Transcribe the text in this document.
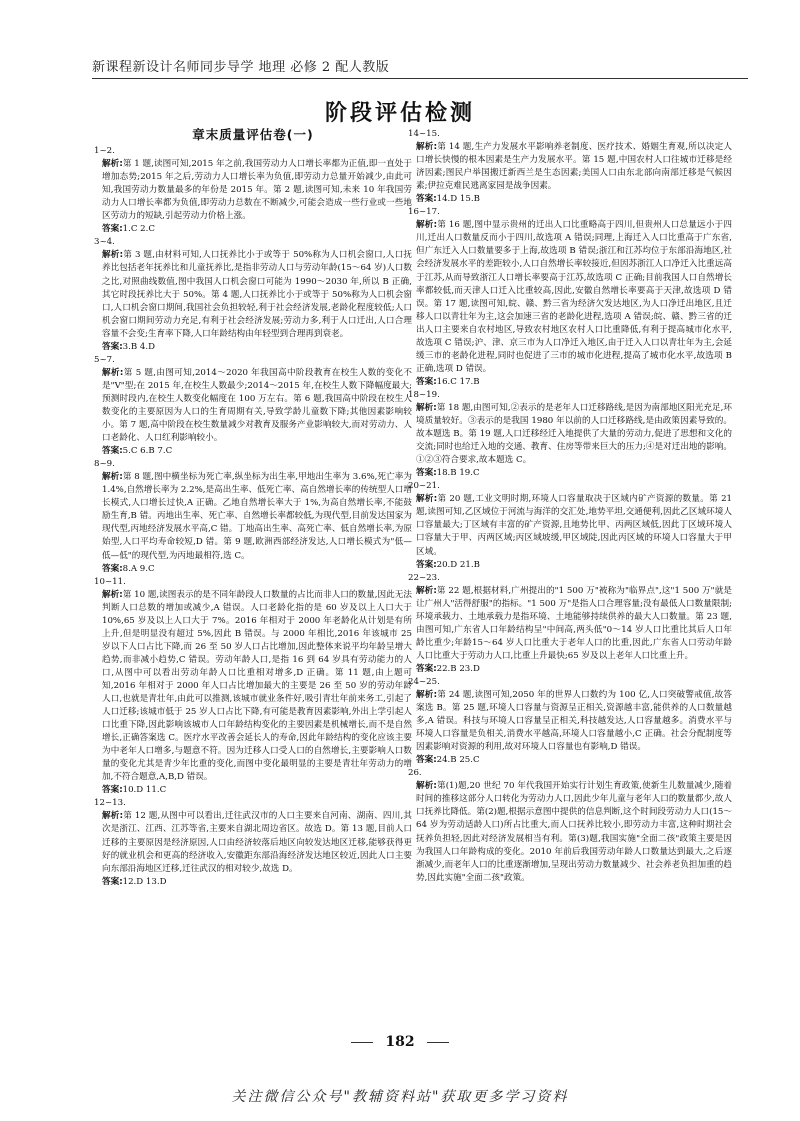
新课程新设计名师同步导学 地理 必修 2 配人教版
阶段评估检测
章末质量评估卷(一)
1~2.
解析:第 1 题,读图可知,2015 年之前,我国劳动力人口增长率都为正值,即一直处于增加态势;2015 年之后,劳动力人口增长率为负值,即劳动力总量开始减少,由此可知,我国劳动力数量最多的年份是 2015 年。第 2 题,读图可知,未来 10 年我国劳动力人口增长率都为负值,即劳动力总数在不断减少,可能会造成一些行业或一些地区劳动力的短缺,引起劳动力价格上涨。
答案:1.C 2.C
3~4.
解析:第 3 题,由材料可知,人口抚养比小于或等于 50%称为人口机会窗口,人口抚养比包括老年抚养比和儿童抚养比,是指非劳动人口与劳动年龄(15～64 岁)人口数之比,对照曲线数值,图中我国人口机会窗口可能为 1990～2030 年,所以 B 正确,其它时段抚养比大于 50%。第 4 题,人口抚养比小于或等于 50%称为人口机会窗口,人口机会窗口期间,我国社会负担较轻,利于社会经济发展,老龄化程度较低;人口机会窗口期间劳动力充足,有利于社会经济发展;劳动力多,利于人口迁出,人口合理容量不会变;生育率下降,人口年龄结构由年轻型到合理再到衰老。
答案:3.B 4.D
5~7.
解析:第 5 题,由图可知,2014～2020 年我国高中阶段教育在校生人数的变化不是"V"型;在 2015 年,在校生人数最少;2014～2015 年,在校生人数下降幅度最大;预测时段内,在校生人数变化幅度在 100 万左右。第 6 题,我国高中阶段在校生人数变化的主要原因为人口的生育周期有关,导致学龄儿童数下降;其他因素影响较小。第 7 题,高中阶段在校生数量减少对教育及服务产业影响较大,而对劳动力、人口老龄化、人口红利影响较小。
答案:5.C 6.B 7.C
8~9.
解析:第 8 题,图中横坐标为死亡率,纵坐标为出生率,甲地出生率为 3.6%,死亡率为 1.4%,自然增长率为 2.2%,是高出生率、低死亡率、高自然增长率的传统型人口增长模式,人口增长过快,A 正确。乙地自然增长率大于 1%,为高自然增长率,不能鼓励生育,B 错。丙地出生率、死亡率、自然增长率都较低,为现代型,目前发达国家为现代型,丙地经济发展水平高,C 错。丁地高出生率、高死亡率、低自然增长率,为原始型,人口平均寿命较短,D 错。第 9 题,欧洲西部经济发达,人口增长模式为"低—低—低"的现代型,为丙地最相符,选 C。
答案:8.A 9.C
10~11.
解析:第 10 题,读图表示的是不同年龄段人口数量的占比而非人口的数量,因此无法判断人口总数的增加或减少,A 错误。人口老龄化指的是 60 岁及以上人口大于 10%,65 岁及以上人口大于 7%。2016 年相对于 2000 年老龄化从计划是有所上升,但是明显没有超过 5%,因此 B 错误。与 2000 年相比,2016 年该城市 25 岁以下人口占比下降,而 26 至 50 岁人口占比增加,因此整体来说平均年龄呈增大趋势,而非减小趋势,C 错误。劳动年龄人口,是指 16 到 64 岁具有劳动能力的人口,从图中可以看出劳动年龄人口比重相对增多,D 正确。第 11 题,由上题可知,2016 年相对于 2000 年人口占比增加最大的主要是 26 至 50 岁的劳动年龄人口,也就是青壮年,由此可以推测,该城市就业条件好,吸引青壮年前来务工,引起了人口迁移;该城市低于 25 岁人口占比下降,有可能是教育因素影响,外出上学引起人口比重下降,因此影响该城市人口年龄结构变化的主要因素是机械增长,而不是自然增长,正确答案选 C。医疗水平改善会延长人的寿命,因此年龄结构的变化应该主要为中老年人口增多,与题意不符。因为迁移人口受人口的自然增长,主要影响人口数量的变化尤其是青少年比重的变化,而图中变化最明显的主要是青壮年劳动力的增加,不符合题意,A,B,D 错误。
答案:10.D 11.C
12~13.
解析:第 12 题,从图中可以看出,迁往武汉市的人口主要来自河南、湖南、四川,其次是浙江、江西、江苏等省,主要来自湖北周边省区。故选 D。第 13 题,目前人口迁移的主要原因是经济原因,人口由经济较落后地区向较发达地区迁移,能够获得更好的就业机会和更高的经济收入,安徽距东部沿海经济发达地区较近,因此人口主要向东部沿海地区迁移,迁往武汉的相对较少,故选 D。
答案:12.D 13.D
14~15.
解析:第 14 题,生产力发展水平影响养老制度、医疗技术、婚姻生育观,所以决定人口增长快慢的根本因素是生产力发展水平。第 15 题,中国农村人口往城市迁移是经济因素;图民户举国搬迁新西兰是生态因素;美国人口由东北部向南部迁移是气候因素;伊拉克难民逃离家园是战争因素。
答案:14.D 15.B
16~17.
解析:第 16 题,图中显示贵州的迁出人口比重略高于四川,但贵州人口总量远小于四川,迁出人口数量反而小于四川,故选项 A 错误;同理,上海迁入人口比重高于广东省,但广东迁入人口数量要多于上海,故选项 B 错误;浙江和江苏均位于东部沿海地区,社会经济发展水平的差距较小,人口自然增长率较接近,但因苏浙江人口净迁入比重远高于江苏,从而导致浙江人口增长率要高于江苏,故选项 C 正确;目前我国人口自然增长率都较低,而天津人口迁入比重较高,因此,安徽自然增长率要高于天津,故选项 D 错误。第 17 题,读图可知,皖、赣、黔三省为经济欠发达地区,为人口净迁出地区,且迁移人口以青壮年为主,这会加速三省的老龄化进程,选项 A 错误;皖、赣、黔三省的迁出人口主要来自农村地区,导致农村地区农村人口比重降低,有利于提高城市化水平,故选项 C 错误;沪、津、京三市为人口净迁入地区,由于迁入人口以青壮年为主,会延缓三市的老龄化进程,同时也促进了三市的城市化进程,提高了城市化水平,故选项 B 正确,选项 D 错误。
答案:16.C 17.B
18~19.
解析:第 18 题,由图可知,②表示的是老年人口迁移路线,是因为南部地区阳光充足,环境质量较好。③表示的是我国 1980 年以前的人口迁移路线,是由政策因素导致的。故本题选 B。第 19 题,人口迁移经迁入地提供了大量的劳动力,促进了思想和文化的交流;同时也给迁入地的交通、教育、住房等带来巨大的压力;④是对迁出地的影响。①②③符合要求,故本题选 C。
答案:18.B 19.C
20~21.
解析:第 20 题,工业文明时期,环境人口容量取决于区域内矿产资源的数量。第 21 题,读图可知,乙区域位于河流与海洋的交汇处,地势平坦,交通便利,因此乙区域环境人口容量最大;丁区域有丰富的矿产资源,且地势比甲、丙两区域低,因此丁区域环境人口容量大于甲、丙两区域;丙区域坡缓,甲区域陡,因此丙区域的环境人口容量大于甲区域。
答案:20.D 21.B
22~23.
解析:第 22 题,根据材料,广州提出的"1 500 万"被称为"临界点",这"1 500 万"就是让广州人"活得舒服"的指标。"1 500 万"是指人口合理容量;没有最低人口数量限制;环境承载力、土地承载力是指环境、土地能够持续供养的最大人口数量。第 23 题,由图可知,广东省人口年龄结构呈"中间高,两头低"0～14 岁人口比重比其后人口年龄比重少;年龄15～64 岁人口比重大于老年人口的比重,因此,广东省人口劳动年龄人口比重大于劳动力人口,比重上升最快;65 岁及以上老年人口比重上升。
答案:22.B 23.D
24~25.
解析:第 24 题,读图可知,2050 年的世界人口数约为 100 亿,人口突破警戒值,故答案选 B。第 25 题,环境人口容量与资源呈正相关,资源越丰富,能供养的人口数量越多,A 错误。科技与环境人口容量呈正相关,科技越发达,人口容量越多。消费水平与环境人口容量是负相关,消费水平越高,环境人口容量越小,C 正确。社会分配制度等因素影响对资源的利用,故对环境人口容量也有影响,D 错误。
答案:24.B 25.C
26.
解析:第(1)题,20 世纪 70 年代我国开始实行计划生育政策,使新生儿数量减少,随着时间的推移这部分人口转化为劳动力人口,因此少年儿童与老年人口的数量都少,故人口抚养比降低。第(2)题,根据示意图中提供的信息判断,这个时间段劳动力人口(15～64 岁为劳动适龄人口)所占比重大,而人口抚养比较小,即劳动力丰富,这种时期社会抚养负担轻,因此对经济发展相当有利。第(3)题,我国实施"全面二孩"政策主要是因为我国人口年龄构成的变化。2010 年前后我国劳动年龄人口数量达到最大,之后逐渐减少,而老年人口的比重逐渐增加,呈现出劳动力数量减少、社会养老负担加重的趋势,因此实施"全面二孩"政策。
182
关注微信公众号"教辅资料站"获取更多学习资料
